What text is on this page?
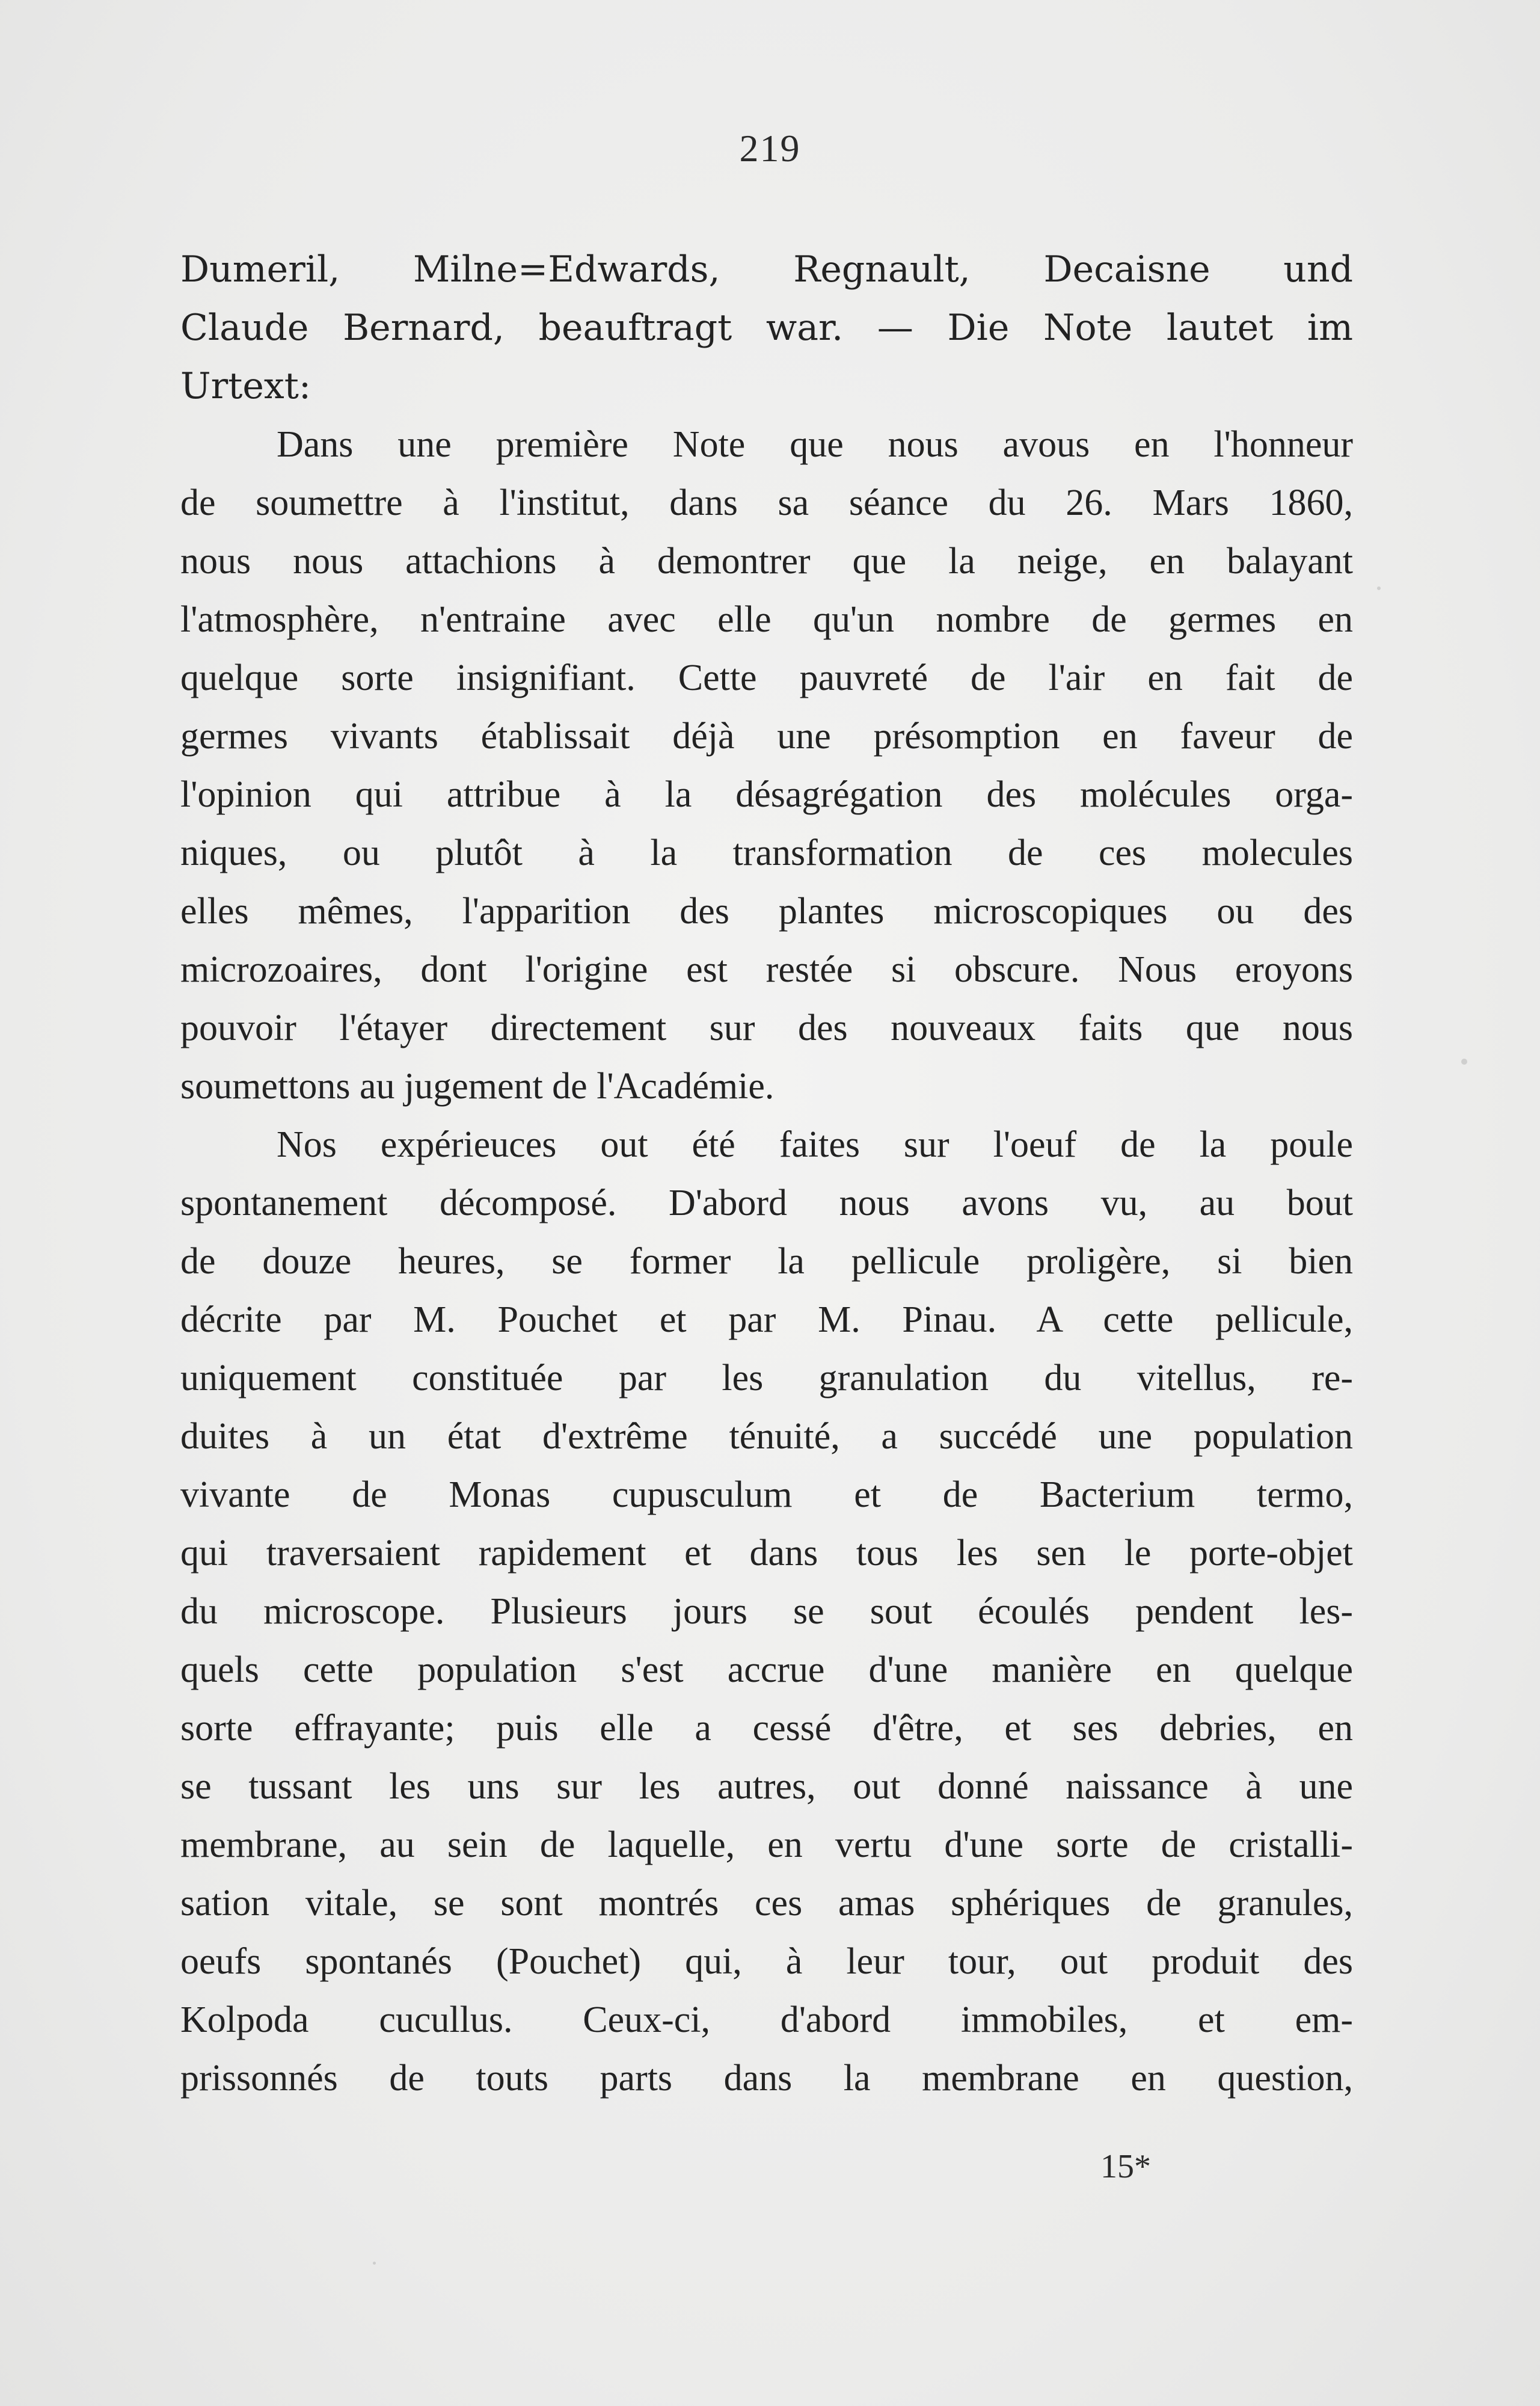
219
Dumeril, Milne=Edwards, Regnault, Decaisne und
Claude Bernard, beauftragt war. — Die Note lautet im
Urtext:
Dans une première Note que nous avous en l'honneur
de soumettre à l'institut, dans sa séance du 26. Mars 1860,
nous nous attachions à demontrer que la neige, en balayant
l'atmosphère, n'entraine avec elle qu'un nombre de germes en
quelque sorte insignifiant. Cette pauvreté de l'air en fait de
germes vivants établissait déjà une présomption en faveur de
l'opinion qui attribue à la désagrégation des molécules orga-
niques, ou plutôt à la transformation de ces molecules
elles mêmes, l'apparition des plantes microscopiques ou des
microzoaires, dont l'origine est restée si obscure. Nous eroyons
pouvoir l'étayer directement sur des nouveaux faits que nous
soumettons au jugement de l'Académie.
Nos expérieuces out été faites sur l'oeuf de la poule
spontanement décomposé. D'abord nous avons vu, au bout
de douze heures, se former la pellicule proligère, si bien
décrite par M. Pouchet et par M. Pinau. A cette pellicule,
uniquement constituée par les granulation du vitellus, re-
duites à un état d'extrême ténuité, a succédé une population
vivante de Monas cupusculum et de Bacterium termo,
qui traversaient rapidement et dans tous les sen le porte-objet
du microscope. Plusieurs jours se sout écoulés pendent les-
quels cette population s'est accrue d'une manière en quelque
sorte effrayante; puis elle a cessé d'être, et ses debries, en
se tussant les uns sur les autres, out donné naissance à une
membrane, au sein de laquelle, en vertu d'une sorte de cristalli-
sation vitale, se sont montrés ces amas sphériques de granules,
oeufs spontanés (Pouchet) qui, à leur tour, out produit des
Kolpoda cucullus. Ceux-ci, d'abord immobiles, et em-
prissonnés de touts parts dans la membrane en question,
15*
